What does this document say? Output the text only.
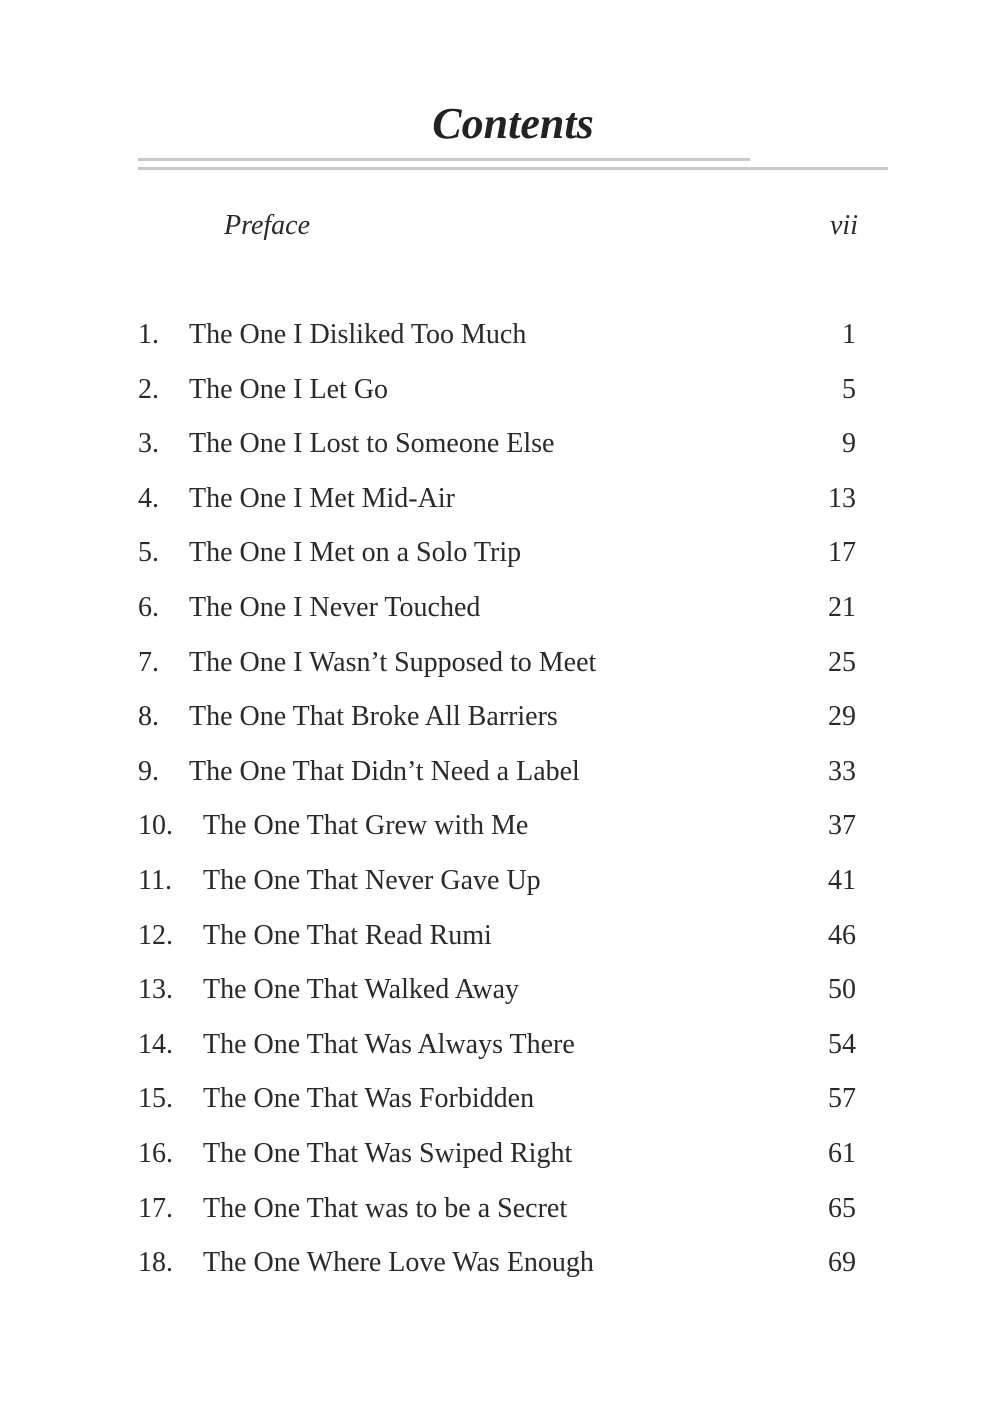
Contents
Preface	vii
1. The One I Disliked Too Much	1
2. The One I Let Go	5
3. The One I Lost to Someone Else	9
4. The One I Met Mid-Air	13
5. The One I Met on a Solo Trip	17
6. The One I Never Touched	21
7. The One I Wasn’t Supposed to Meet	25
8. The One That Broke All Barriers	29
9. The One That Didn’t Need a Label	33
10. The One That Grew with Me	37
11. The One That Never Gave Up	41
12. The One That Read Rumi	46
13. The One That Walked Away	50
14. The One That Was Always There	54
15. The One That Was Forbidden	57
16. The One That Was Swiped Right	61
17. The One That was to be a Secret	65
18. The One Where Love Was Enough	69
